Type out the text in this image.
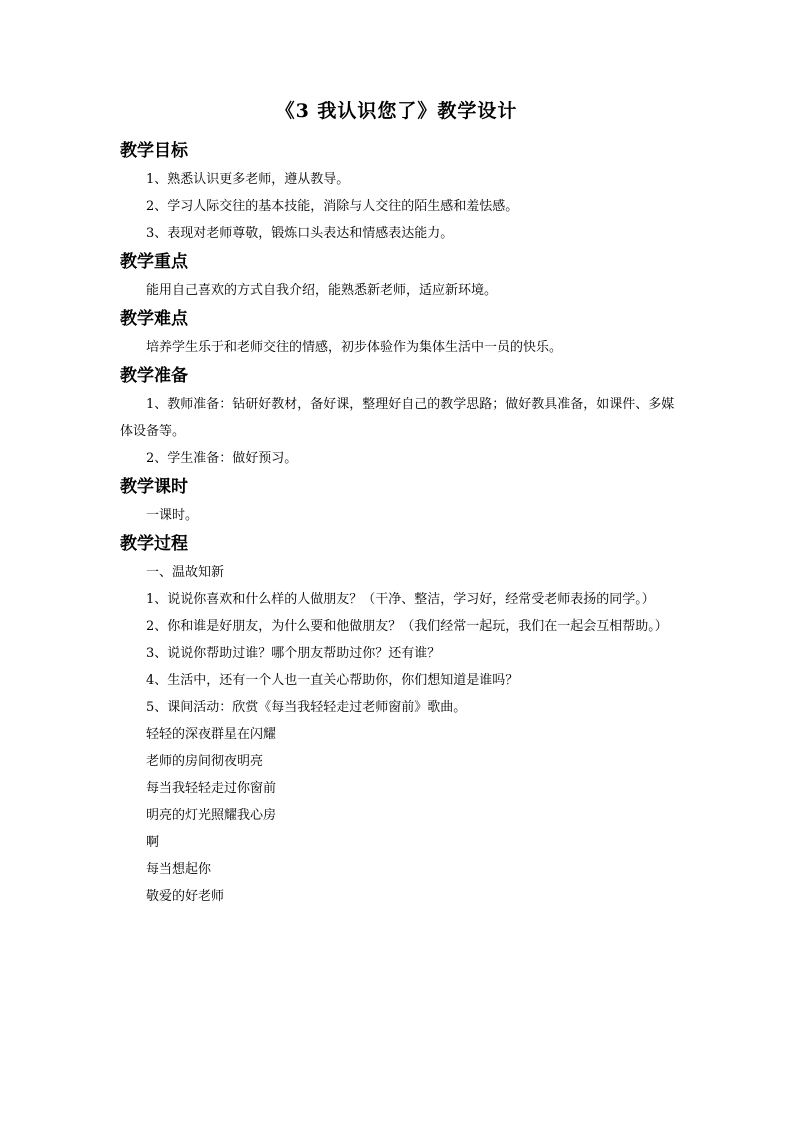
《3 我认识您了》教学设计
教学目标
1、熟悉认识更多老师，遵从教导。
2、学习人际交往的基本技能，消除与人交往的陌生感和羞怯感。
3、表现对老师尊敬，锻炼口头表达和情感表达能力。
教学重点
能用自己喜欢的方式自我介绍，能熟悉新老师，适应新环境。
教学难点
培养学生乐于和老师交往的情感，初步体验作为集体生活中一员的快乐。
教学准备
1、教师准备：钻研好教材，备好课，整理好自己的教学思路；做好教具准备，如课件、多媒体设备等。
2、学生准备：做好预习。
教学课时
一课时。
教学过程
一、温故知新
1、说说你喜欢和什么样的人做朋友？（干净、整洁，学习好，经常受老师表扬的同学。）
2、你和谁是好朋友，为什么要和他做朋友？（我们经常一起玩，我们在一起会互相帮助。）
3、说说你帮助过谁？哪个朋友帮助过你？还有谁？
4、生活中，还有一个人也一直关心帮助你，你们想知道是谁吗？
5、课间活动：欣赏《每当我轻轻走过老师窗前》歌曲。
轻轻的深夜群星在闪耀
老师的房间彻夜明亮
每当我轻轻走过你窗前
明亮的灯光照耀我心房
啊
每当想起你
敬爱的好老师
